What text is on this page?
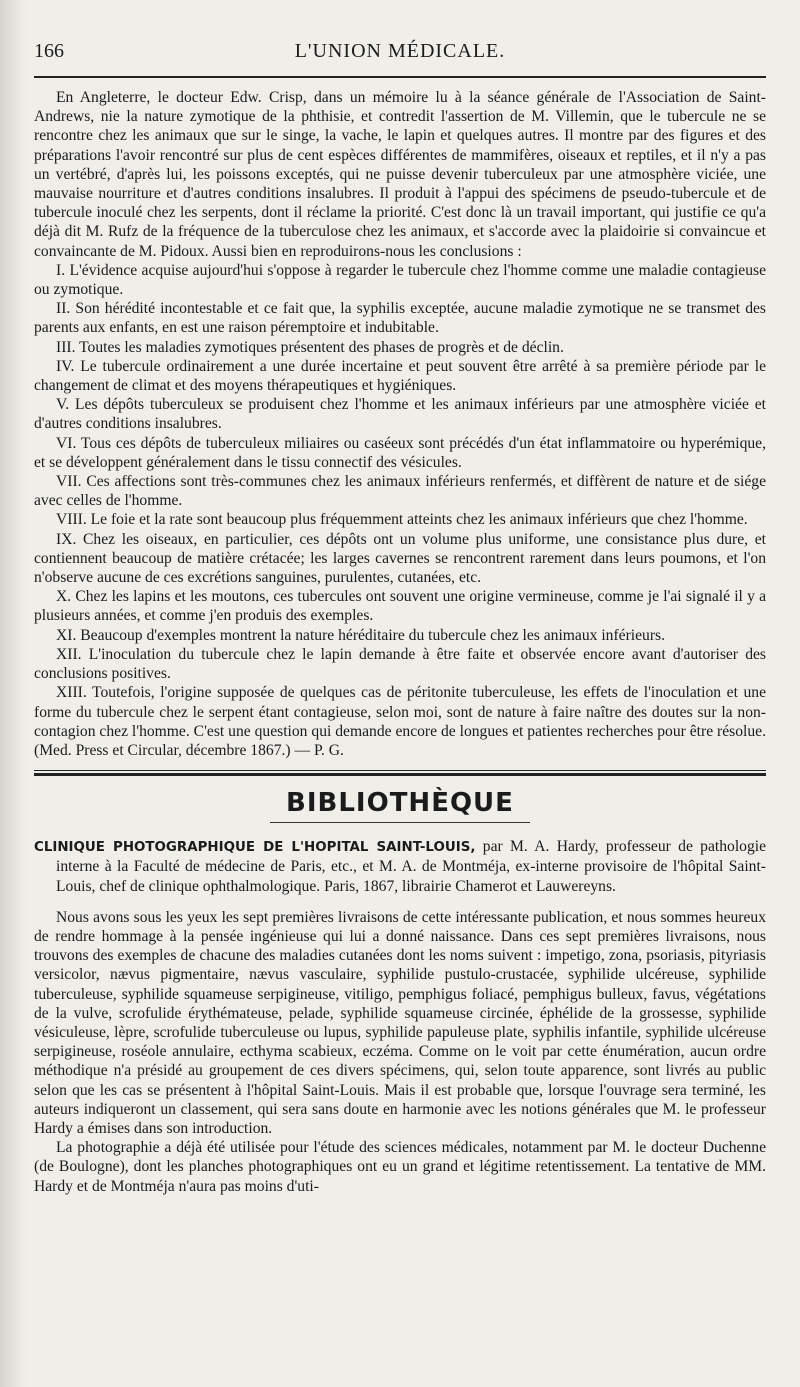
166	L'UNION MÉDICALE.

En Angleterre, le docteur Edw. Crisp, dans un mémoire lu à la séance générale de l'Association de Saint-Andrews, nie la nature zymotique de la phthisie, et contredit l'assertion de M. Villemin, que le tubercule ne se rencontre chez les animaux que sur le singe, la vache, le lapin et quelques autres. Il montre par des figures et des préparations l'avoir rencontré sur plus de cent espèces différentes de mammifères, oiseaux et reptiles, et il n'y a pas un vertébré, d'après lui, les poissons exceptés, qui ne puisse devenir tuberculeux par une atmosphère viciée, une mauvaise nourriture et d'autres conditions insalubres. Il produit à l'appui des spécimens de pseudo-tubercule et de tubercule inoculé chez les serpents, dont il réclame la priorité. C'est donc là un travail important, qui justifie ce qu'a déjà dit M. Rufz de la fréquence de la tuberculose chez les animaux, et s'accorde avec la plaidoirie si convaincue et convaincante de M. Pidoux. Aussi bien en reproduirons-nous les conclusions :

I. L'évidence acquise aujourd'hui s'oppose à regarder le tubercule chez l'homme comme une maladie contagieuse ou zymotique.

II. Son hérédité incontestable et ce fait que, la syphilis exceptée, aucune maladie zymotique ne se transmet des parents aux enfants, en est une raison péremptoire et indubitable.

III. Toutes les maladies zymotiques présentent des phases de progrès et de déclin.

IV. Le tubercule ordinairement a une durée incertaine et peut souvent être arrêté à sa première période par le changement de climat et des moyens thérapeutiques et hygiéniques.

V. Les dépôts tuberculeux se produisent chez l'homme et les animaux inférieurs par une atmosphère viciée et d'autres conditions insalubres.

VI. Tous ces dépôts de tuberculeux miliaires ou caséeux sont précédés d'un état inflammatoire ou hyperémique, et se développent généralement dans le tissu connectif des vésicules.

VII. Ces affections sont très-communes chez les animaux inférieurs renfermés, et diffèrent de nature et de siége avec celles de l'homme.

VIII. Le foie et la rate sont beaucoup plus fréquemment atteints chez les animaux inférieurs que chez l'homme.

IX. Chez les oiseaux, en particulier, ces dépôts ont un volume plus uniforme, une consistance plus dure, et contiennent beaucoup de matière crétacée; les larges cavernes se rencontrent rarement dans leurs poumons, et l'on n'observe aucune de ces excrétions sanguines, purulentes, cutanées, etc.

X. Chez les lapins et les moutons, ces tubercules ont souvent une origine vermineuse, comme je l'ai signalé il y a plusieurs années, et comme j'en produis des exemples.

XI. Beaucoup d'exemples montrent la nature héréditaire du tubercule chez les animaux inférieurs.

XII. L'inoculation du tubercule chez le lapin demande à être faite et observée encore avant d'autoriser des conclusions positives.

XIII. Toutefois, l'origine supposée de quelques cas de péritonite tuberculeuse, les effets de l'inoculation et une forme du tubercule chez le serpent étant contagieuse, selon moi, sont de nature à faire naître des doutes sur la non-contagion chez l'homme. C'est une question qui demande encore de longues et patientes recherches pour être résolue. (Med. Press et Circular, décembre 1867.) — P. G.

BIBLIOTHÈQUE

CLINIQUE PHOTOGRAPHIQUE DE L'HOPITAL SAINT-LOUIS, par M. A. Hardy, professeur de pathologie interne à la Faculté de médecine de Paris, etc., et M. A. de Montméja, ex-interne provisoire de l'hôpital Saint-Louis, chef de clinique ophthalmologique. Paris, 1867, librairie Chamerot et Lauwereyns.

Nous avons sous les yeux les sept premières livraisons de cette intéressante publication, et nous sommes heureux de rendre hommage à la pensée ingénieuse qui lui a donné naissance. Dans ces sept premières livraisons, nous trouvons des exemples de chacune des maladies cutanées dont les noms suivent : impetigo, zona, psoriasis, pityriasis versicolor, nævus pigmentaire, nævus vasculaire, syphilide pustulo-crustacée, syphilide ulcéreuse, syphilide tuberculeuse, syphilide squameuse serpigineuse, vitiligo, pemphigus foliacé, pemphigus bulleux, favus, végétations de la vulve, scrofulide érythémateuse, pelade, syphilide squameuse circinée, éphélide de la grossesse, syphilide vésiculeuse, lèpre, scrofulide tuberculeuse ou lupus, syphilide papuleuse plate, syphilis infantile, syphilide ulcéreuse serpigineuse, roséole annulaire, ecthyma scabieux, eczéma. Comme on le voit par cette énumération, aucun ordre méthodique n'a présidé au groupement de ces divers spécimens, qui, selon toute apparence, sont livrés au public selon que les cas se présentent à l'hôpital Saint-Louis. Mais il est probable que, lorsque l'ouvrage sera terminé, les auteurs indiqueront un classement, qui sera sans doute en harmonie avec les notions générales que M. le professeur Hardy a émises dans son introduction.

La photographie a déjà été utilisée pour l'étude des sciences médicales, notamment par M. le docteur Duchenne (de Boulogne), dont les planches photographiques ont eu un grand et légitime retentissement. La tentative de MM. Hardy et de Montméja n'aura pas moins d'uti-
